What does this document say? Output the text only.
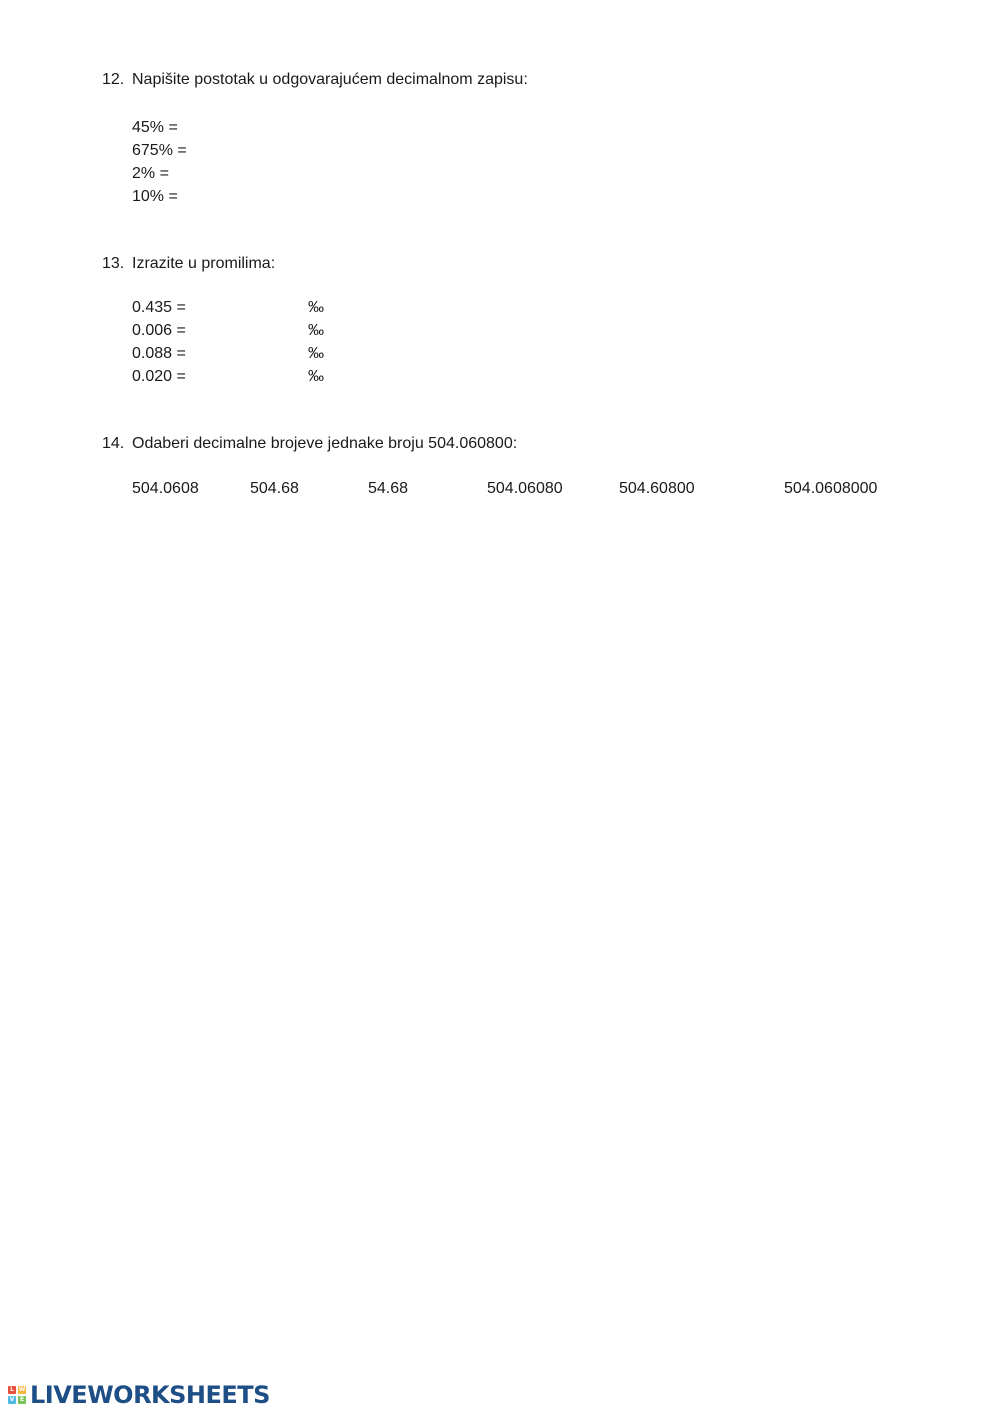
12. Napišite postotak u odgovarajućem decimalnom zapisu:
45% =
675% =
2% =
10% =
13. Izrazite u promilima:
0.435 =	‰
0.006 =	‰
0.088 =	‰
0.020 =	‰
14. Odaberi decimalne brojeve jednake broju 504.060800:
504.0608	504.68	54.68	504.06080	504.60800	504.0608000
L W
V E LIVEWORKSHEETS
